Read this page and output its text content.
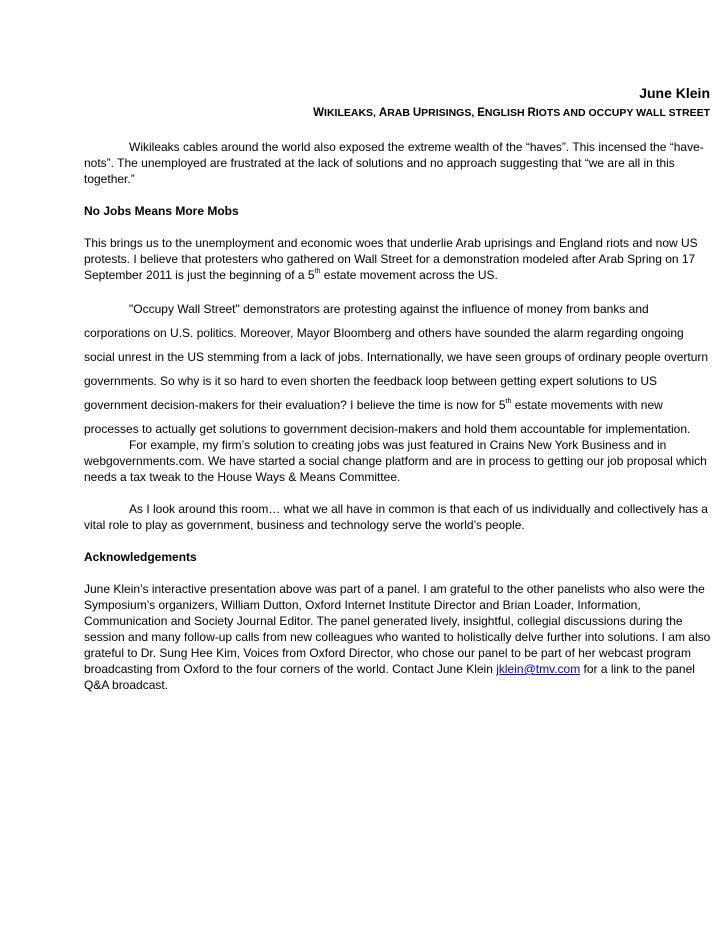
June Klein
WIKILEAKS, ARAB UPRISINGS, ENGLISH RIOTS AND OCCUPY WALL STREET

Wikileaks cables around the world also exposed the extreme wealth of the “haves”. This incensed the “have-nots”. The unemployed are frustrated at the lack of solutions and no approach suggesting that “we are all in this together.”

No Jobs Means More Mobs

This brings us to the unemployment and economic woes that underlie Arab uprisings and England riots and now US protests. I believe that protesters who gathered on Wall Street for a demonstration modeled after Arab Spring on 17 September 2011 is just the beginning of a 5th estate movement across the US.

"Occupy Wall Street" demonstrators are protesting against the influence of money from banks and corporations on U.S. politics. Moreover, Mayor Bloomberg and others have sounded the alarm regarding ongoing social unrest in the US stemming from a lack of jobs. Internationally, we have seen groups of ordinary people overturn governments. So why is it so hard to even shorten the feedback loop between getting expert solutions to US government decision-makers for their evaluation? I believe the time is now for 5th estate movements with new processes to actually get solutions to government decision-makers and hold them accountable for implementation.

For example, my firm’s solution to creating jobs was just featured in Crains New York Business and in webgovernments.com. We have started a social change platform and are in process to getting our job proposal which needs a tax tweak to the House Ways & Means Committee.

As I look around this room… what we all have in common is that each of us individually and collectively has a vital role to play as government, business and technology serve the world’s people.

Acknowledgements

June Klein’s interactive presentation above was part of a panel. I am grateful to the other panelists who also were the Symposium’s organizers, William Dutton, Oxford Internet Institute Director and Brian Loader, Information, Communication and Society Journal Editor. The panel generated lively, insightful, collegial discussions during the session and many follow-up calls from new colleagues who wanted to holistically delve further into solutions. I am also grateful to Dr. Sung Hee Kim, Voices from Oxford Director, who chose our panel to be part of her webcast program broadcasting from Oxford to the four corners of the world. Contact June Klein jklein@tmv.com for a link to the panel Q&A broadcast.
